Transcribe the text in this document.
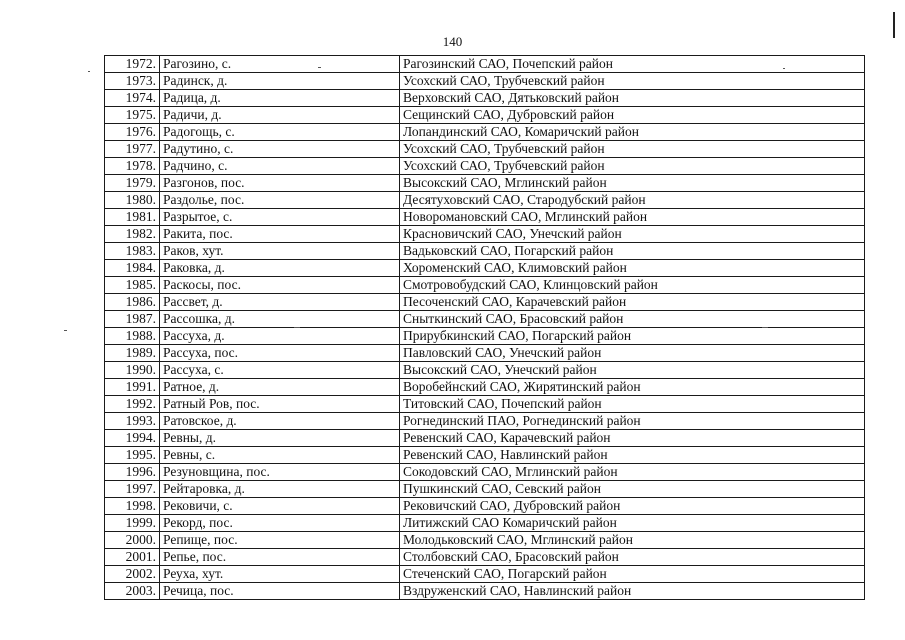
140
1972.	Рагозино, с.	Рагозинский САО, Почепский район
1973.	Радинск, д.	Усохский САО, Трубчевский район
1974.	Радица, д.	Верховский САО, Дятьковский район
1975.	Радичи, д.	Сещинский САО, Дубровский район
1976.	Радогощь, с.	Лопандинский САО, Комаричский район
1977.	Радутино, с.	Усохский САО, Трубчевский район
1978.	Радчино, с.	Усохский САО, Трубчевский район
1979.	Разгонов, пос.	Высокский САО, Мглинский район
1980.	Раздолье, пос.	Десятуховский САО, Стародубский район
1981.	Разрытое, с.	Новоромановский САО, Мглинский район
1982.	Ракита, пос.	Красновичский САО, Унечский район
1983.	Раков, хут.	Вадьковский САО, Погарский район
1984.	Раковка, д.	Хороменский САО, Климовский район
1985.	Раскосы, пос.	Смотровобудский САО, Клинцовский район
1986.	Рассвет, д.	Песоченский САО, Карачевский район
1987.	Рассошка, д.	Сныткинский САО, Брасовский район
1988.	Рассуха, д.	Прирубкинский САО, Погарский район
1989.	Рассуха, пос.	Павловский САО, Унечский район
1990.	Рассуха, с.	Высокский САО, Унечский район
1991.	Ратное, д.	Воробейнский САО, Жирятинский район
1992.	Ратный Ров, пос.	Титовский САО, Почепский район
1993.	Ратовское, д.	Рогнединский ПАО, Рогнединский район
1994.	Ревны, д.	Ревенский САО, Карачевский район
1995.	Ревны, с.	Ревенский САО, Навлинский район
1996.	Резуновщина, пос.	Сокодовский САО, Мглинский район
1997.	Рейтаровка, д.	Пушкинский САО, Севский район
1998.	Рековичи, с.	Рековичский САО, Дубровский район
1999.	Рекорд, пос.	Литижский САО Комаричский район
2000.	Репище, пос.	Молодьковский САО, Мглинский район
2001.	Репье, пос.	Столбовский САО, Брасовский район
2002.	Реуха, хут.	Стеченский САО, Погарский район
2003.	Речица, пос.	Вздруженский САО, Навлинский район
